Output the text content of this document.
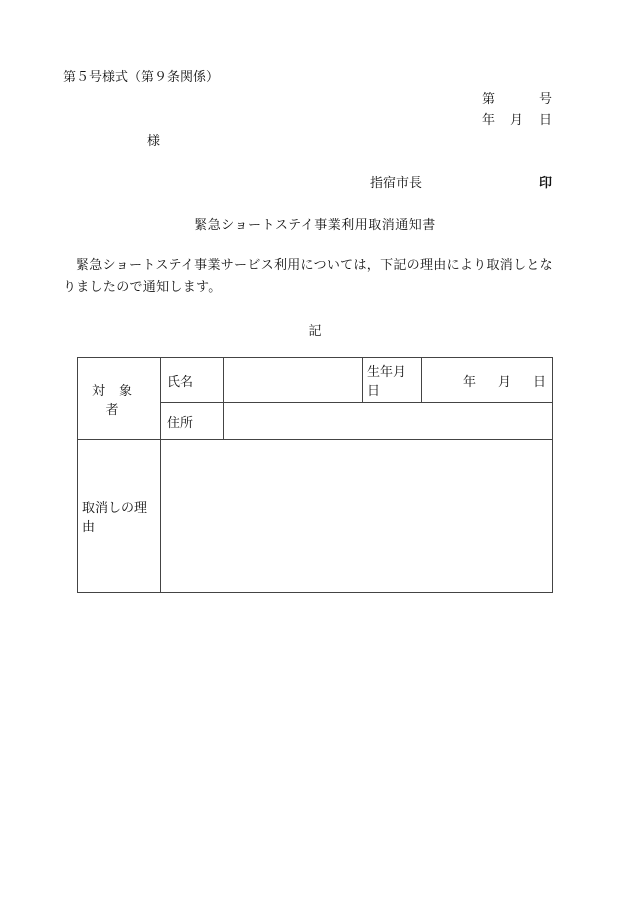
第５号様式（第９条関係）
第	号
年 月 日
様
指宿市長	印
緊急ショートステイ事業利用取消通知書
緊急ショートステイ事業サービス利用については，下記の理由により取消しとなりましたので通知します。
記
対象者	氏名		生年月日	年 月 日
	住所			
取消しの理由				
